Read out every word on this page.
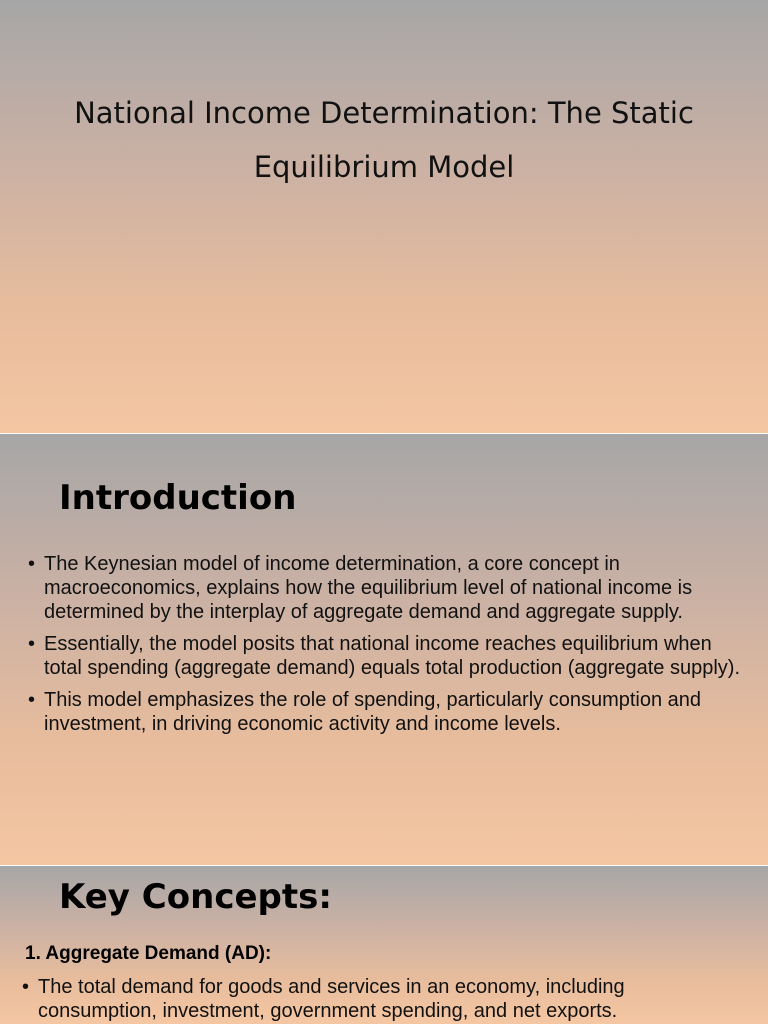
National Income Determination: The Static
Equilibrium Model
Introduction
• The Keynesian model of income determination, a core concept in macroeconomics, explains how the equilibrium level of national income is determined by the interplay of aggregate demand and aggregate supply.
• Essentially, the model posits that national income reaches equilibrium when total spending (aggregate demand) equals total production (aggregate supply).
• This model emphasizes the role of spending, particularly consumption and investment, in driving economic activity and income levels.
Key Concepts:

1. Aggregate Demand (AD):

• The total demand for goods and services in an economy, including consumption, investment, government spending, and net exports.
